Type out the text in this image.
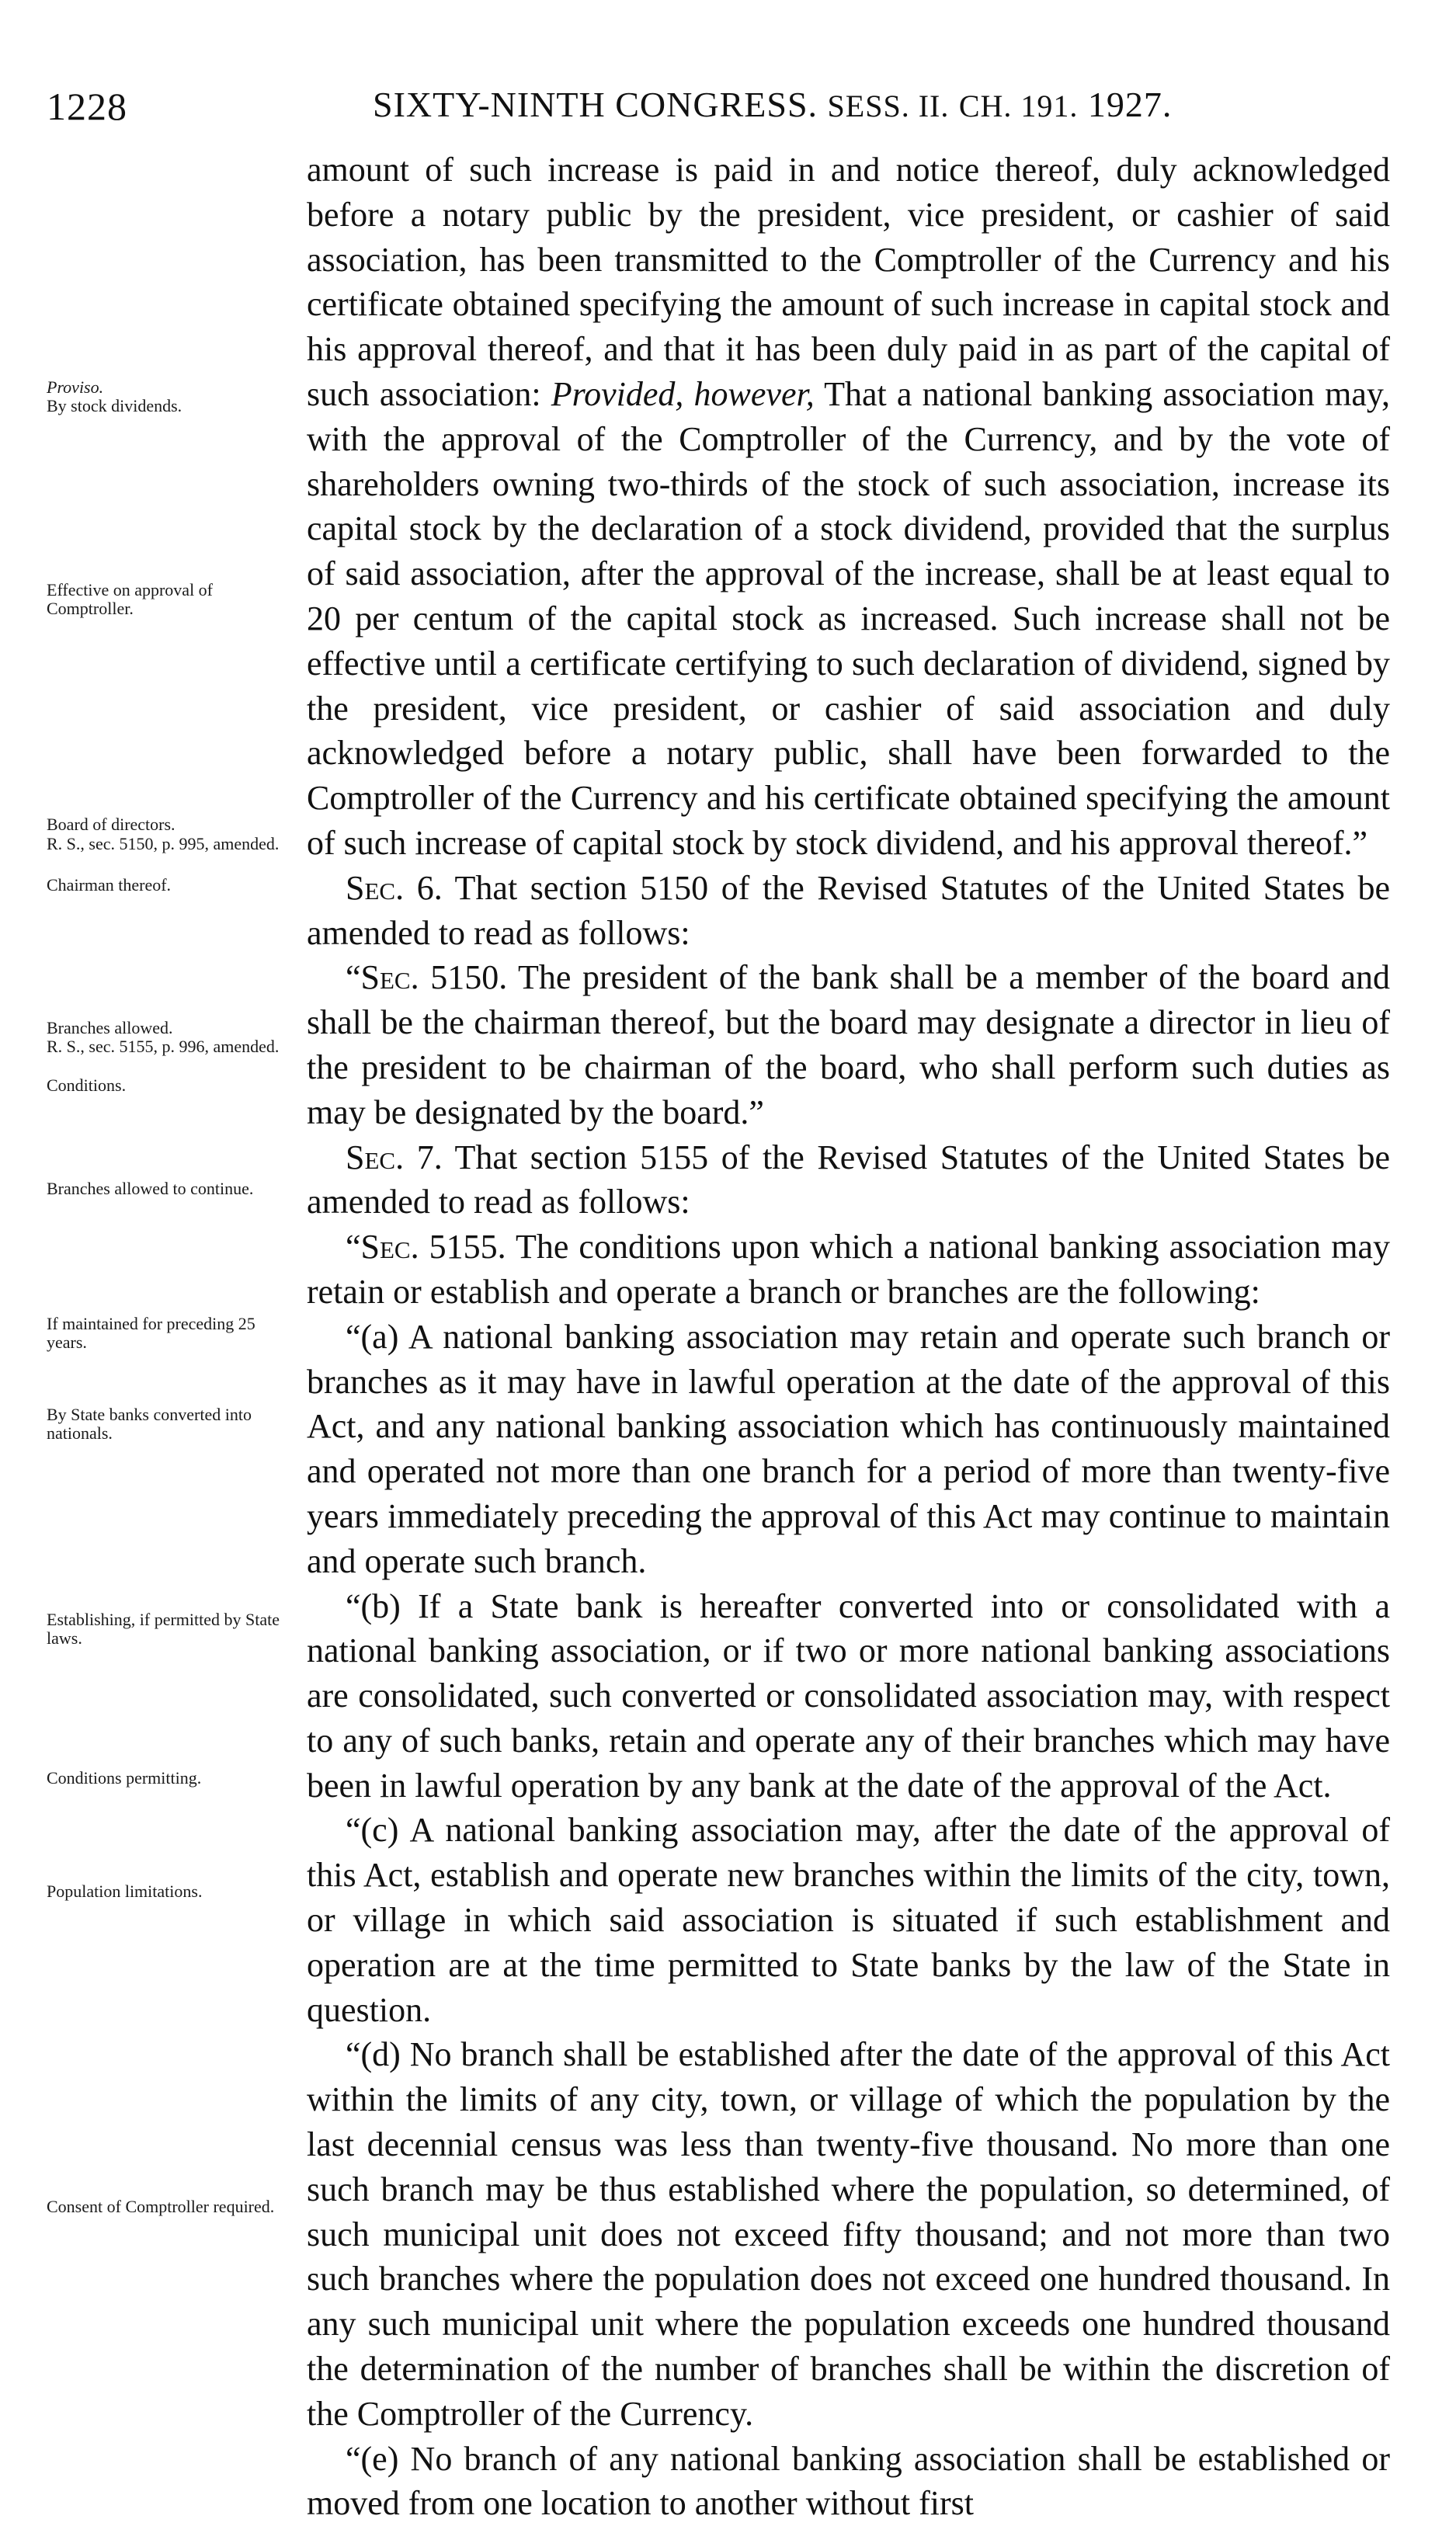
1228	SIXTY-NINTH CONGRESS. SESS. II. CH. 191. 1927.
Proviso.
By stock dividends.
Effective on approval of Comptroller.
Board of directors.
R. S., sec. 5150, p. 995, amended.
Chairman thereof.
Branches allowed.
R. S., sec. 5155, p. 996, amended.
Conditions.
Branches allowed to continue.
If maintained for preceding 25 years.
By State banks converted into nationals.
Establishing, if permitted by State laws.
Conditions permitting.
Population limitations.
Consent of Comptroller required.

amount of such increase is paid in and notice thereof, duly acknowledged before a notary public by the president, vice president, or cashier of said association, has been transmitted to the Comptroller of the Currency and his certificate obtained specifying the amount of such increase in capital stock and his approval thereof, and that it has been duly paid in as part of the capital of such association: Provided, however, That a national banking association may, with the approval of the Comptroller of the Currency, and by the vote of shareholders owning two-thirds of the stock of such association, increase its capital stock by the declaration of a stock dividend, provided that the surplus of said association, after the approval of the increase, shall be at least equal to 20 per centum of the capital stock as increased. Such increase shall not be effective until a certificate certifying to such declaration of dividend, signed by the president, vice president, or cashier of said association and duly acknowledged before a notary public, shall have been forwarded to the Comptroller of the Currency and his certificate obtained specifying the amount of such increase of capital stock by stock dividend, and his approval thereof.”

Sec. 6. That section 5150 of the Revised Statutes of the United States be amended to read as follows:

“Sec. 5150. The president of the bank shall be a member of the board and shall be the chairman thereof, but the board may designate a director in lieu of the president to be chairman of the board, who shall perform such duties as may be designated by the board.”

Sec. 7. That section 5155 of the Revised Statutes of the United States be amended to read as follows:

“Sec. 5155. The conditions upon which a national banking association may retain or establish and operate a branch or branches are the following:

“(a) A national banking association may retain and operate such branch or branches as it may have in lawful operation at the date of the approval of this Act, and any national banking association which has continuously maintained and operated not more than one branch for a period of more than twenty-five years immediately preceding the approval of this Act may continue to maintain and operate such branch.

“(b) If a State bank is hereafter converted into or consolidated with a national banking association, or if two or more national banking associations are consolidated, such converted or consolidated association may, with respect to any of such banks, retain and operate any of their branches which may have been in lawful operation by any bank at the date of the approval of the Act.

“(c) A national banking association may, after the date of the approval of this Act, establish and operate new branches within the limits of the city, town, or village in which said association is situated if such establishment and operation are at the time permitted to State banks by the law of the State in question.

“(d) No branch shall be established after the date of the approval of this Act within the limits of any city, town, or village of which the population by the last decennial census was less than twenty-five thousand. No more than one such branch may be thus established where the population, so determined, of such municipal unit does not exceed fifty thousand; and not more than two such branches where the population does not exceed one hundred thousand. In any such municipal unit where the population exceeds one hundred thousand the determination of the number of branches shall be within the discretion of the Comptroller of the Currency.

“(e) No branch of any national banking association shall be established or moved from one location to another without first
